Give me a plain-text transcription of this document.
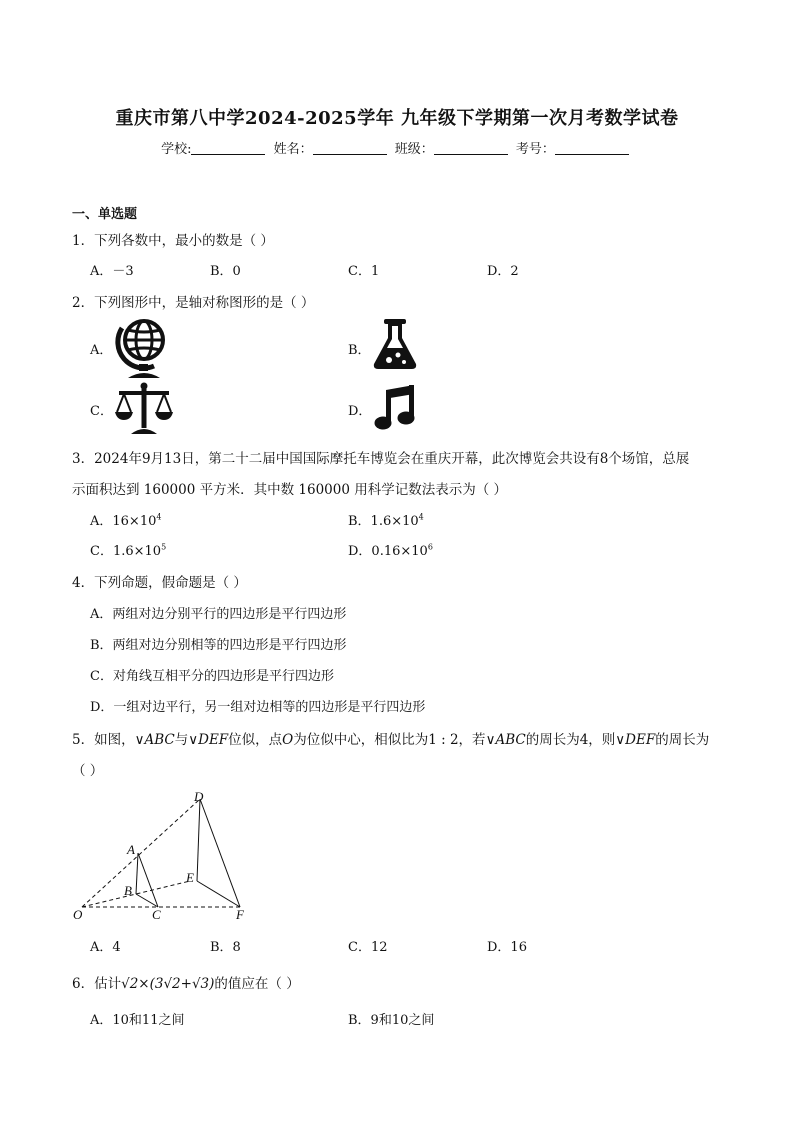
重庆市第八中学2024-2025学年 九年级下学期第一次月考数学试卷
学校:	姓名：	班级：	考号：
一、单选题
1．下列各数中，最小的数是（ ）
A．－3	B．0	C．1	D．2
2．下列图形中，是轴对称图形的是（ ）
A．	B．
C．	D．
3．2024年9月13日，第二十二届中国国际摩托车博览会在重庆开幕，此次博览会共设有8个场馆，总展
示面积达到 160000 平方米．其中数 160000 用科学记数法表示为（ ）
A．$16\times 10^4$	B．$1.6\times 10^4$
C．$1.6\times 10^5$	D．$0.16\times 10^6$
4．下列命题，假命题是（ ）
A．两组对边分别平行的四边形是平行四边形
B．两组对边分别相等的四边形是平行四边形
C．对角线互相平分的四边形是平行四边形
D．一组对边平行，另一组对边相等的四边形是平行四边形
5．如图，∨ABC与∨DEF位似，点O为位似中心，相似比为1 : 2，若∨ABC的周长为4，则∨DEF的周长为
（ ）
D
A
E
B
O	C	F
A．4	B．8	C．12	D．16
6．估计√2×(3√2+√3)的值应在（ ）
A．10和11之间	B．9和10之间
